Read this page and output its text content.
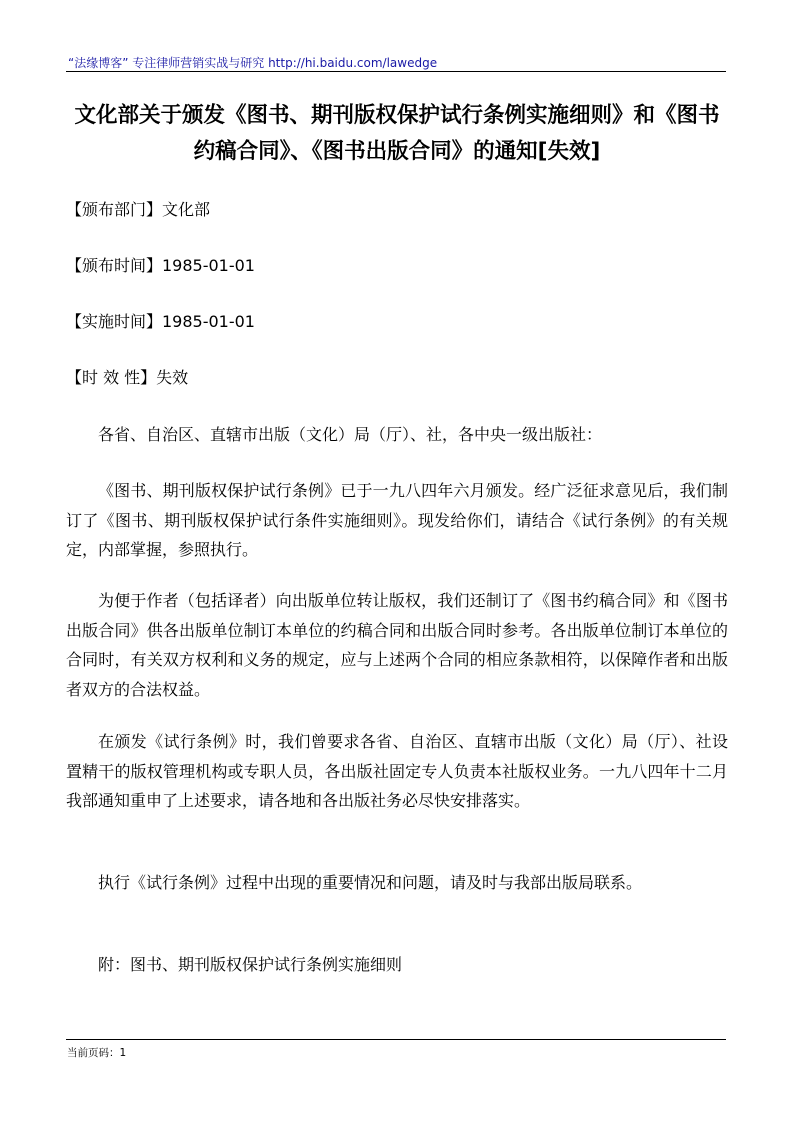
“法缘博客” 专注律师营销实战与研究 http://hi.baidu.com/lawedge
文化部关于颁发《图书、期刊版权保护试行条例实施细则》和《图书约稿合同》、《图书出版合同》的通知[失效]
【颁布部门】文化部
【颁布时间】1985-01-01
【实施时间】1985-01-01
【时 效 性】失效
各省、自治区、直辖市出版（文化）局（厅）、社，各中央一级出版社：
《图书、期刊版权保护试行条例》已于一九八四年六月颁发。经广泛征求意见后，我们制订了《图书、期刊版权保护试行条件实施细则》。现发给你们，请结合《试行条例》的有关规定，内部掌握，参照执行。
为便于作者（包括译者）向出版单位转让版权，我们还制订了《图书约稿合同》和《图书出版合同》供各出版单位制订本单位的约稿合同和出版合同时参考。各出版单位制订本单位的合同时，有关双方权利和义务的规定，应与上述两个合同的相应条款相符，以保障作者和出版者双方的合法权益。
在颁发《试行条例》时，我们曾要求各省、自治区、直辖市出版（文化）局（厅）、社设置精干的版权管理机构或专职人员，各出版社固定专人负责本社版权业务。一九八四年十二月我部通知重申了上述要求，请各地和各出版社务必尽快安排落实。
执行《试行条例》过程中出现的重要情况和问题，请及时与我部出版局联系。
附：图书、期刊版权保护试行条例实施细则
当前页码：1
